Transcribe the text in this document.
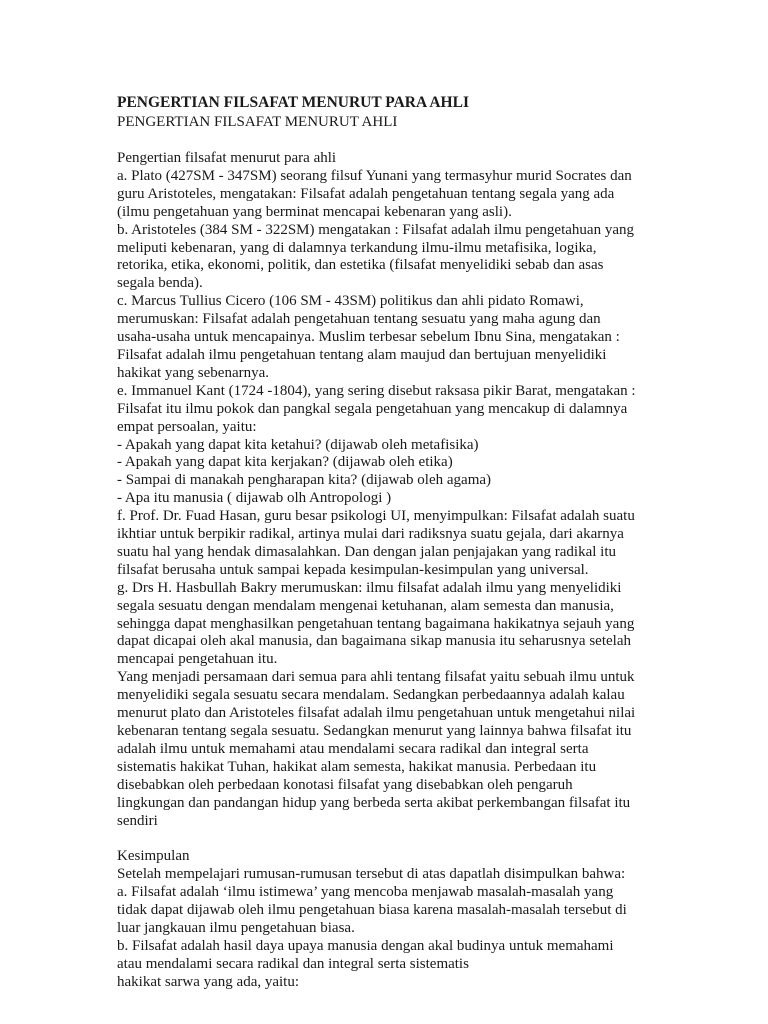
PENGERTIAN FILSAFAT MENURUT PARA AHLI

PENGERTIAN FILSAFAT MENURUT AHLI

Pengertian filsafat menurut para ahli

a. Plato (427SM - 347SM) seorang filsuf Yunani yang termasyhur murid Socrates dan

guru Aristoteles, mengatakan: Filsafat adalah pengetahuan tentang segala yang ada

(ilmu pengetahuan yang berminat mencapai kebenaran yang asli).

b. Aristoteles (384 SM - 322SM) mengatakan : Filsafat adalah ilmu pengetahuan yang

meliputi kebenaran, yang di dalamnya terkandung ilmu-ilmu metafisika, logika,

retorika, etika, ekonomi, politik, dan estetika (filsafat menyelidiki sebab dan asas

segala benda).

c. Marcus Tullius Cicero (106 SM - 43SM) politikus dan ahli pidato Romawi,

merumuskan: Filsafat adalah pengetahuan tentang sesuatu yang maha agung dan

usaha-usaha untuk mencapainya. Muslim terbesar sebelum Ibnu Sina, mengatakan :

Filsafat adalah ilmu pengetahuan tentang alam maujud dan bertujuan menyelidiki

hakikat yang sebenarnya.

e. Immanuel Kant (1724 -1804), yang sering disebut raksasa pikir Barat, mengatakan :

Filsafat itu ilmu pokok dan pangkal segala pengetahuan yang mencakup di dalamnya

empat persoalan, yaitu:

- Apakah yang dapat kita ketahui? (dijawab oleh metafisika)

- Apakah yang dapat kita kerjakan? (dijawab oleh etika)

- Sampai di manakah pengharapan kita? (dijawab oleh agama)

- Apa itu manusia ( dijawab olh Antropologi )

f. Prof. Dr. Fuad Hasan, guru besar psikologi UI, menyimpulkan: Filsafat adalah suatu

ikhtiar untuk berpikir radikal, artinya mulai dari radiksnya suatu gejala, dari akarnya

suatu hal yang hendak dimasalahkan. Dan dengan jalan penjajakan yang radikal itu

filsafat berusaha untuk sampai kepada kesimpulan-kesimpulan yang universal.

g. Drs H. Hasbullah Bakry merumuskan: ilmu filsafat adalah ilmu yang menyelidiki

segala sesuatu dengan mendalam mengenai ketuhanan, alam semesta dan manusia,

sehingga dapat menghasilkan pengetahuan tentang bagaimana hakikatnya sejauh yang

dapat dicapai oleh akal manusia, dan bagaimana sikap manusia itu seharusnya setelah

mencapai pengetahuan itu.

Yang menjadi persamaan dari semua para ahli tentang filsafat yaitu sebuah ilmu untuk

menyelidiki segala sesuatu secara mendalam. Sedangkan perbedaannya adalah kalau

menurut plato dan Aristoteles filsafat adalah ilmu pengetahuan untuk mengetahui nilai

kebenaran tentang segala sesuatu. Sedangkan menurut yang lainnya bahwa filsafat itu

adalah ilmu untuk memahami atau mendalami secara radikal dan integral serta

sistematis hakikat Tuhan, hakikat alam semesta, hakikat manusia. Perbedaan itu

disebabkan oleh perbedaan konotasi filsafat yang disebabkan oleh pengaruh

lingkungan dan pandangan hidup yang berbeda serta akibat perkembangan filsafat itu

sendiri

Kesimpulan

Setelah mempelajari rumusan-rumusan tersebut di atas dapatlah disimpulkan bahwa:

a. Filsafat adalah ‘ilmu istimewa’ yang mencoba menjawab masalah-masalah yang

tidak dapat dijawab oleh ilmu pengetahuan biasa karena masalah-masalah tersebut di

luar jangkauan ilmu pengetahuan biasa.

b. Filsafat adalah hasil daya upaya manusia dengan akal budinya untuk memahami

atau mendalami secara radikal dan integral serta sistematis

hakikat sarwa yang ada, yaitu:
